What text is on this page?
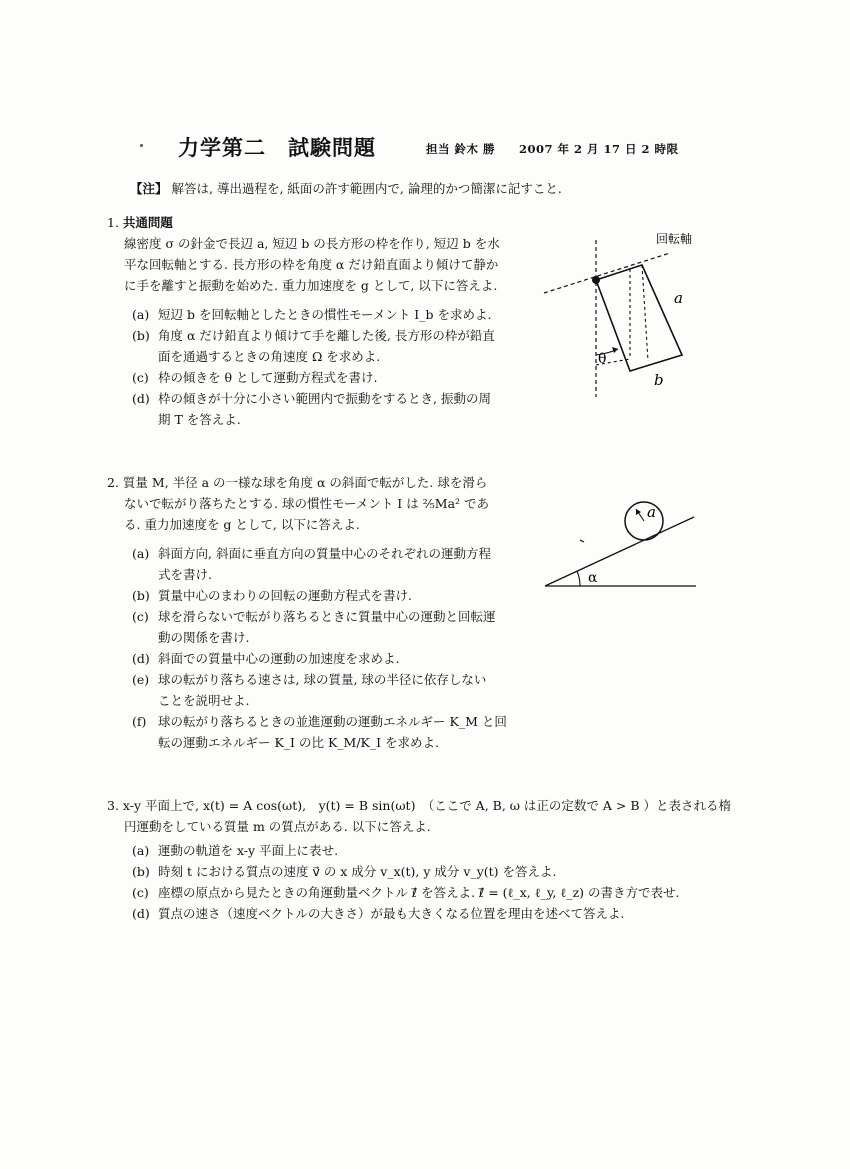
力学第二 試験問題	担当 鈴木 勝　　2007 年 2 月 17 日 2 時限
【注】 解答は, 導出過程を, 紙面の許す範囲内で, 論理的かつ簡潔に記すこと.
1. 共通問題
線密度 σ の針金で長辺 a, 短辺 b の長方形の枠を作り, 短辺 b を水
平な回転軸とする. 長方形の枠を角度 α だけ鉛直面より傾けて静か
に手を離すと振動を始めた. 重力加速度を g として, 以下に答えよ.
(a) 短辺 b を回転軸としたときの慣性モーメント I_b を求めよ.
(b) 角度 α だけ鉛直より傾けて手を離した後, 長方形の枠が鉛直
面を通過するときの角速度 Ω を求めよ.
(c) 枠の傾きを θ として運動方程式を書け.
(d) 枠の傾きが十分に小さい範囲内で振動をするとき, 振動の周
期 T を答えよ.
回転軸
a
b
θ
2. 質量 M, 半径 a の一様な球を角度 α の斜面で転がした. 球を滑ら
ないで転がり落ちたとする. 球の慣性モーメント I は ⅖Ma² であ
る. 重力加速度を g として, 以下に答えよ.
(a) 斜面方向, 斜面に垂直方向の質量中心のそれぞれの運動方程
式を書け.
(b) 質量中心のまわりの回転の運動方程式を書け.
(c) 球を滑らないで転がり落ちるときに質量中心の運動と回転運
動の関係を書け.
(d) 斜面での質量中心の運動の加速度を求めよ.
(e) 球の転がり落ちる速さは, 球の質量, 球の半径に依存しない
ことを説明せよ.
(f) 球の転がり落ちるときの並進運動の運動エネルギー K_M と回
転の運動エネルギー K_I の比 K_M/K_I を求めよ.
a
α
3. x-y 平面上で, x(t) = A cos(ωt),　y(t) = B sin(ωt)　（ここで A, B, ω は正の定数で A > B ）と表される楕
円運動をしている質量 m の質点がある. 以下に答えよ.
(a) 運動の軌道を x-y 平面上に表せ.
(b) 時刻 t における質点の速度 v⃗ の x 成分 v_x(t), y 成分 v_y(t) を答えよ.
(c) 座標の原点から見たときの角運動量ベクトル ℓ⃗ を答えよ. ℓ⃗ = (ℓ_x, ℓ_y, ℓ_z) の書き方で表せ.
(d) 質点の速さ（速度ベクトルの大きさ）が最も大きくなる位置を理由を述べて答えよ.
